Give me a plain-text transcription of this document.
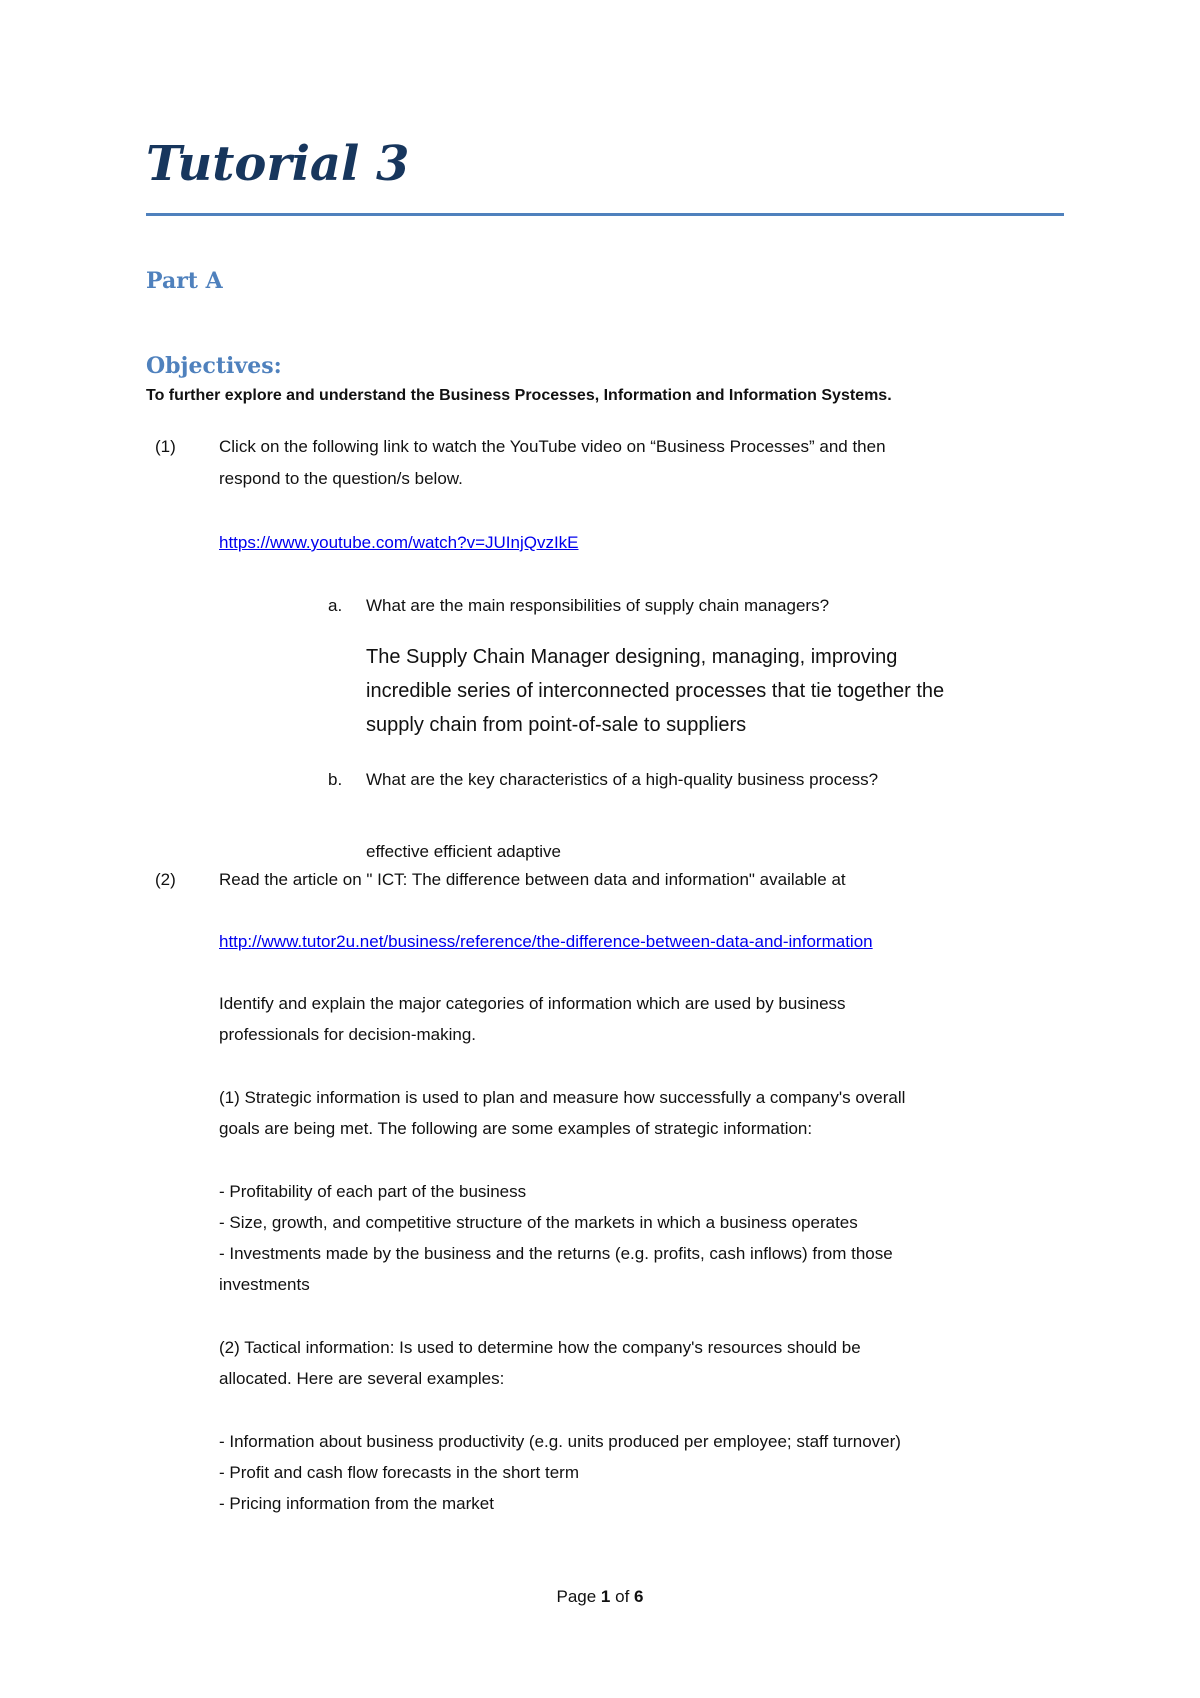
Tutorial 3
Part A
Objectives:
To further explore and understand the Business Processes, Information and Information Systems.
(1)	Click on the following link to watch the YouTube video on “Business Processes” and then
respond to the question/s below.
https://www.youtube.com/watch?v=JUInjQvzIkE
a. What are the main responsibilities of supply chain managers?
The Supply Chain Manager designing, managing, improving
incredible series of interconnected processes that tie together the
supply chain from point-of-sale to suppliers
b. What are the key characteristics of a high-quality business process?
effective efficient adaptive
(2)	Read the article on " ICT: The difference between data and information" available at
http://www.tutor2u.net/business/reference/the-difference-between-data-and-information
Identify and explain the major categories of information which are used by business
professionals for decision-making.
(1) Strategic information is used to plan and measure how successfully a company's overall
goals are being met. The following are some examples of strategic information:
- Profitability of each part of the business
- Size, growth, and competitive structure of the markets in which a business operates
- Investments made by the business and the returns (e.g. profits, cash inflows) from those
investments
(2) Tactical information: Is used to determine how the company's resources should be
allocated. Here are several examples:
- Information about business productivity (e.g. units produced per employee; staff turnover)
- Profit and cash flow forecasts in the short term
- Pricing information from the market
Page 1 of 6
